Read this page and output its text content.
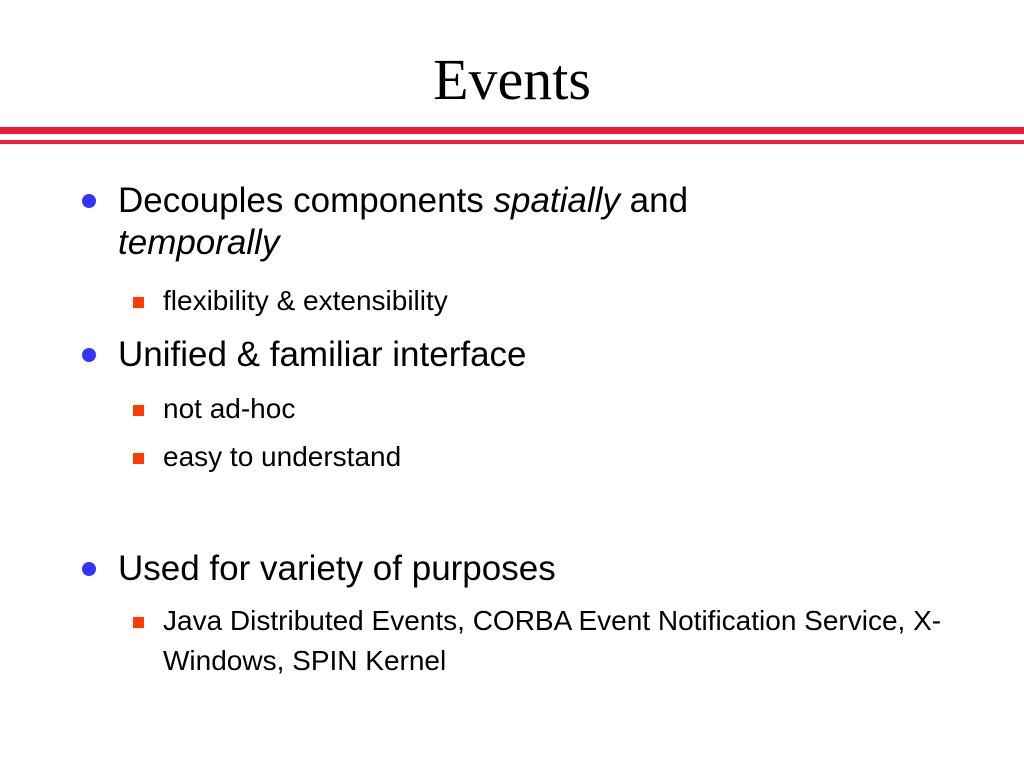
Events
Decouples components spatially and
temporally
flexibility & extensibility
Unified & familiar interface
not ad-hoc
easy to understand
Used for variety of purposes
Java Distributed Events, CORBA Event Notification Service, X-Windows, SPIN Kernel
